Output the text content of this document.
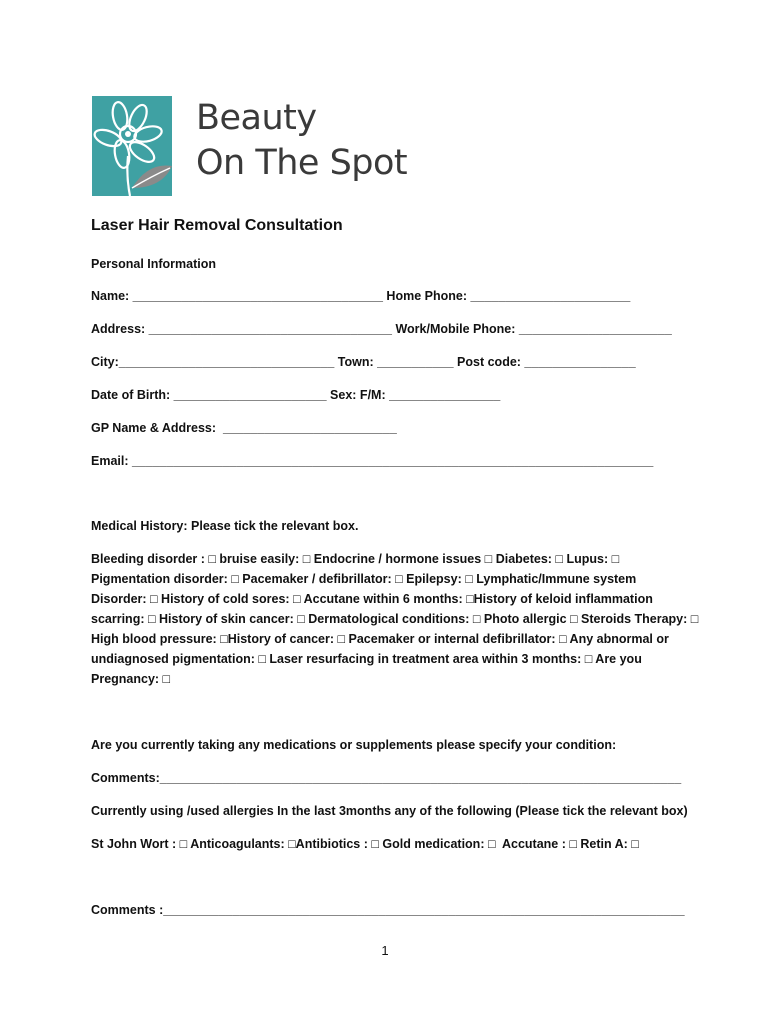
Beauty
On The Spot
Laser Hair Removal Consultation
Personal Information
Name: ____________________________________ Home Phone: _______________________
Address: ___________________________________ Work/Mobile Phone: ______________________
City:_______________________________ Town: ___________ Post code: ________________
Date of Birth: ______________________ Sex: F/M: ________________
GP Name & Address:  _________________________
Email: ___________________________________________________________________________
Medical History: Please tick the relevant box.
Bleeding disorder : □ bruise easily: □ Endocrine / hormone issues □ Diabetes: □ Lupus: □
Pigmentation disorder: □ Pacemaker / defibrillator: □ Epilepsy: □ Lymphatic/Immune system
Disorder: □ History of cold sores: □ Accutane within 6 months: □History of keloid inflammation
scarring: □ History of skin cancer: □ Dermatological conditions: □ Photo allergic □ Steroids Therapy: □
High blood pressure: □History of cancer: □ Pacemaker or internal defibrillator: □ Any abnormal or
undiagnosed pigmentation: □ Laser resurfacing in treatment area within 3 months: □ Are you
Pregnancy: □
Are you currently taking any medications or supplements please specify your condition:
Comments:___________________________________________________________________________
Currently using /used allergies In the last 3months any of the following (Please tick the relevant box)
St John Wort : □ Anticoagulants: □Antibiotics : □ Gold medication: □  Accutane : □ Retin A: □
Comments :___________________________________________________________________________
1
